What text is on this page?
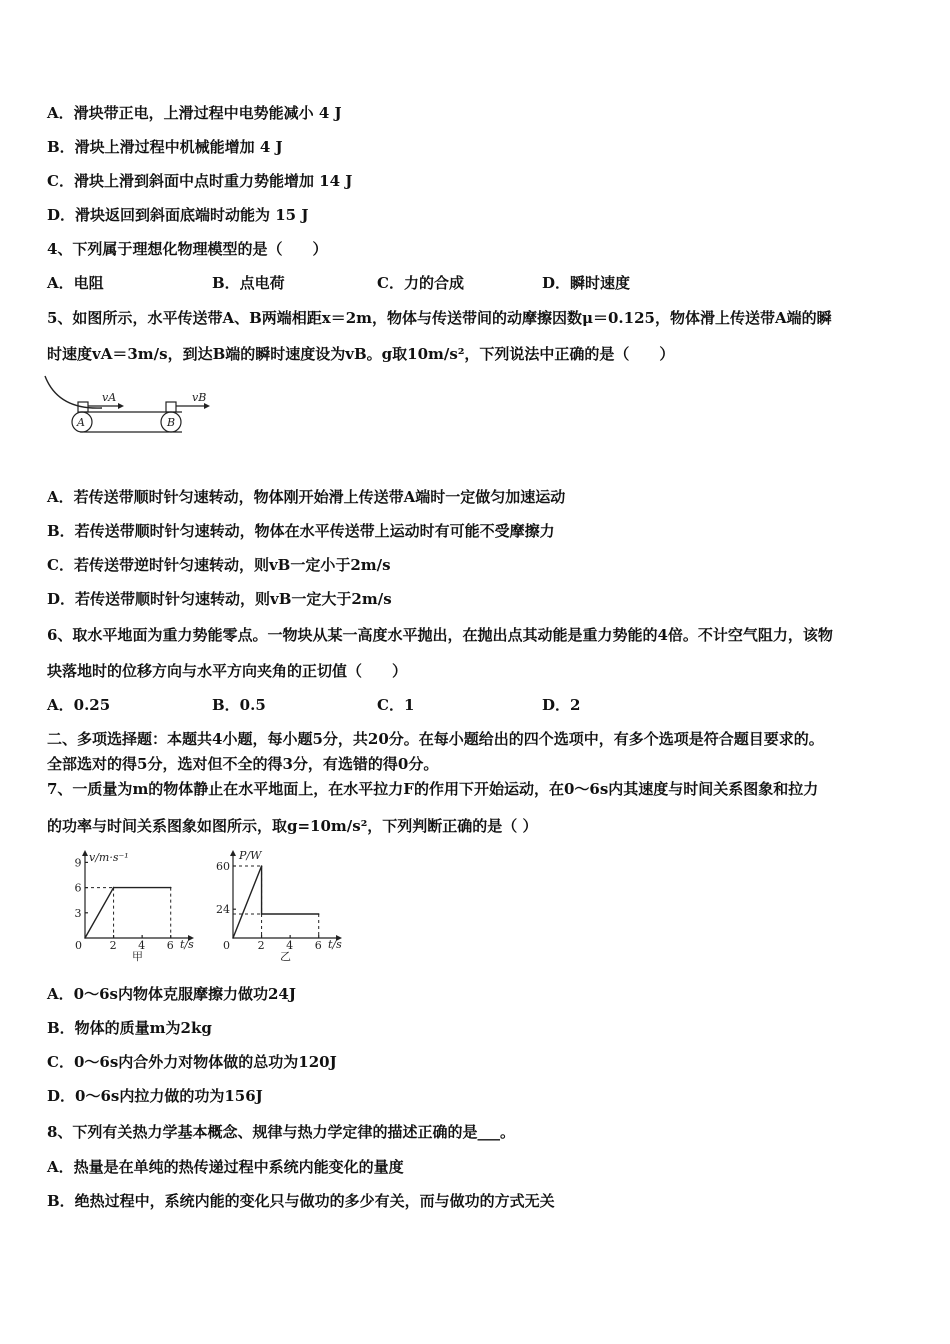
A．滑块带正电，上滑过程中电势能减小 4 J
B．滑块上滑过程中机械能增加 4 J
C．滑块上滑到斜面中点时重力势能增加 14 J
D．滑块返回到斜面底端时动能为 15 J
4、下列属于理想化物理模型的是（　　）
A．电阻	B．点电荷	C．力的合成	D．瞬时速度
5、如图所示，水平传送带A、B两端相距x＝2m，物体与传送带间的动摩擦因数μ＝0.125，物体滑上传送带A端的瞬
时速度vA＝3m/s，到达B端的瞬时速度设为vB。g取10m/s²，下列说法中正确的是（　　）
A	B
vA	vB
A．若传送带顺时针匀速转动，物体刚开始滑上传送带A端时一定做匀加速运动
B．若传送带顺时针匀速转动，物体在水平传送带上运动时有可能不受摩擦力
C．若传送带逆时针匀速转动，则vB一定小于2m/s
D．若传送带顺时针匀速转动，则vB一定大于2m/s
6、取水平地面为重力势能零点。一物块从某一高度水平抛出，在抛出点其动能是重力势能的4倍。不计空气阻力，该物
块落地时的位移方向与水平方向夹角的正切值（　　）
A．0.25	B．0.5	C．1	D．2
二、多项选择题：本题共4小题，每小题5分，共20分。在每小题给出的四个选项中，有多个选项是符合题目要求的。
全部选对的得5分，选对但不全的得3分，有选错的得0分。
7、一质量为m的物体静止在水平地面上，在水平拉力F的作用下开始运动，在0～6s内其速度与时间关系图象和拉力
的功率与时间关系图象如图所示，取g=10m/s²，下列判断正确的是（ ）
v/m·s⁻¹
t/s
0	2 4 6
3
6
9
甲
P/W
t/s
0	2 4 6
24
60
乙
A．0～6s内物体克服摩擦力做功24J
B．物体的质量m为2kg
C．0～6s内合外力对物体做的总功为120J
D．0～6s内拉力做的功为156J
8、下列有关热力学基本概念、规律与热力学定律的描述正确的是___。
A．热量是在单纯的热传递过程中系统内能变化的量度
B．绝热过程中，系统内能的变化只与做功的多少有关，而与做功的方式无关
